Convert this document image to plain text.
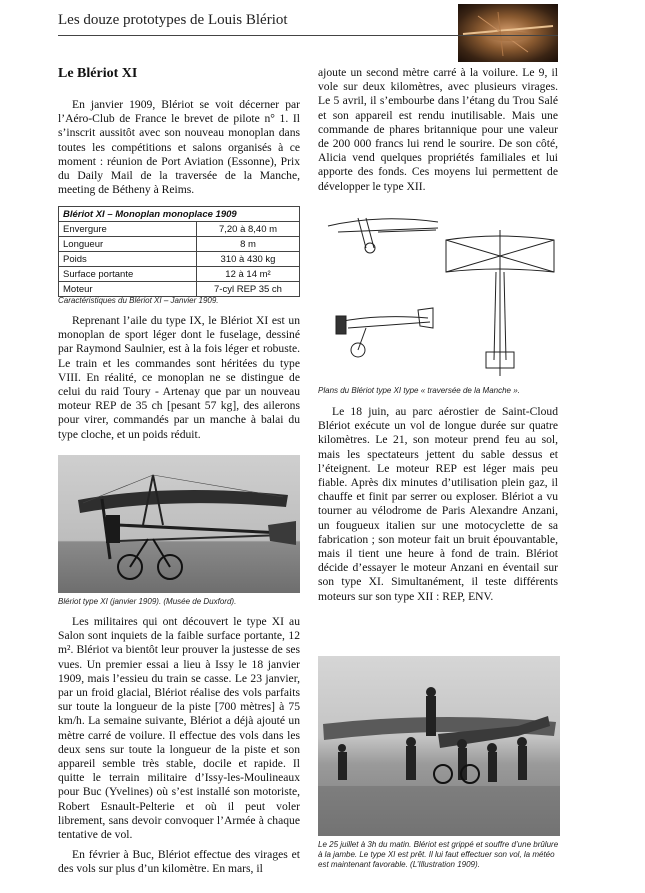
Les douze prototypes de Louis Blériot
Le Blériot XI

En janvier 1909, Blériot se voit décerner par l’Aéro-Club de France le brevet de pilote n° 1. Il s’inscrit aussitôt avec son nouveau monoplan dans toutes les compétitions et salons organisés à ce moment : réunion de Port Aviation (Essonne), Prix du Daily Mail de la traversée de la Manche, meeting de Bétheny à Reims.

Blériot XI – Monoplan monoplace 1909	
Envergure	7,20 à 8,40 m
Longueur	8 m
Poids	310 à 430 kg
Surface portante	12 à 14 m²
Moteur	7-cyl REP 35 ch

Caractéristiques du Blériot XI – Janvier 1909.

Reprenant l’aile du type IX, le Blériot XI est un monoplan de sport léger dont le fuselage, dessiné par Raymond Saulnier, est à la fois léger et robuste. Le train et les commandes sont héritées du type VIII. En réalité, ce monoplan ne se distingue de celui du raid Toury - Artenay que par un nouveau moteur REP de 35 ch [pesant 57 kg], des ailerons pour virer, commandés par un manche à balai du type cloche, et un poids réduit.

Blériot type XI (janvier 1909). (Musée de Duxford).

Les militaires qui ont découvert le type XI au Salon sont inquiets de la faible surface portante, 12 m². Blériot va bientôt leur prouver la justesse de ses vues. Un premier essai a lieu à Issy le 18 janvier 1909, mais l’essieu du train se casse. Le 23 janvier, par un froid glacial, Blériot réalise des vols parfaits sur toute la longueur de la piste [700 mètres] à 75 km/h. La semaine suivante, Blériot a déjà ajouté un mètre carré de voilure. Il effectue des vols dans les deux sens sur toute la longueur de la piste et son appareil semble très stable, docile et rapide. Il quitte le terrain militaire d’Issy-les-Moulineaux pour Buc (Yvelines) où s’est installé son motoriste, Robert Esnault-Pelterie et où il peut voler librement, sans devoir convoquer l’Armée à chaque tentative de vol.

En février à Buc, Blériot effectue des virages et des vols sur plus d’un kilomètre. En mars, il

ajoute un second mètre carré à la voilure. Le 9, il vole sur deux kilomètres, avec plusieurs virages. Le 5 avril, il s’embourbe dans l’étang du Trou Salé et son appareil est rendu inutilisable. Mais une commande de phares britannique pour une valeur de 200 000 francs lui rend le sourire. De son côté, Alicia vend quelques propriétés familiales et lui apporte des fonds. Ces moyens lui permettent de développer le type XII.

Plans du Blériot type XI type « traversée de la Manche ».

Le 18 juin, au parc aérostier de Saint-Cloud Blériot exécute un vol de longue durée sur quatre kilomètres. Le 21, son moteur prend feu au sol, mais les spectateurs jettent du sable dessus et l’éteignent. Le moteur REP est léger mais peu fiable. Après dix minutes d’utilisation plein gaz, il chauffe et finit par serrer ou exploser. Blériot a vu tourner au vélodrome de Paris Alexandre Anzani, un fougueux italien sur une motocyclette de sa fabrication ; son moteur fait un bruit épouvantable, mais il tient une heure à fond de train. Blériot décide d’essayer le moteur Anzani en éventail sur son type XI. Simultanément, il teste différents moteurs sur son type XII : REP, ENV.

Le 25 juillet à 3h du matin. Blériot est grippé et souffre d’une brûlure à la jambe. Le type XI est prêt. Il lui faut effectuer son vol, la météo est maintenant favorable. (L’Illustration 1909).
